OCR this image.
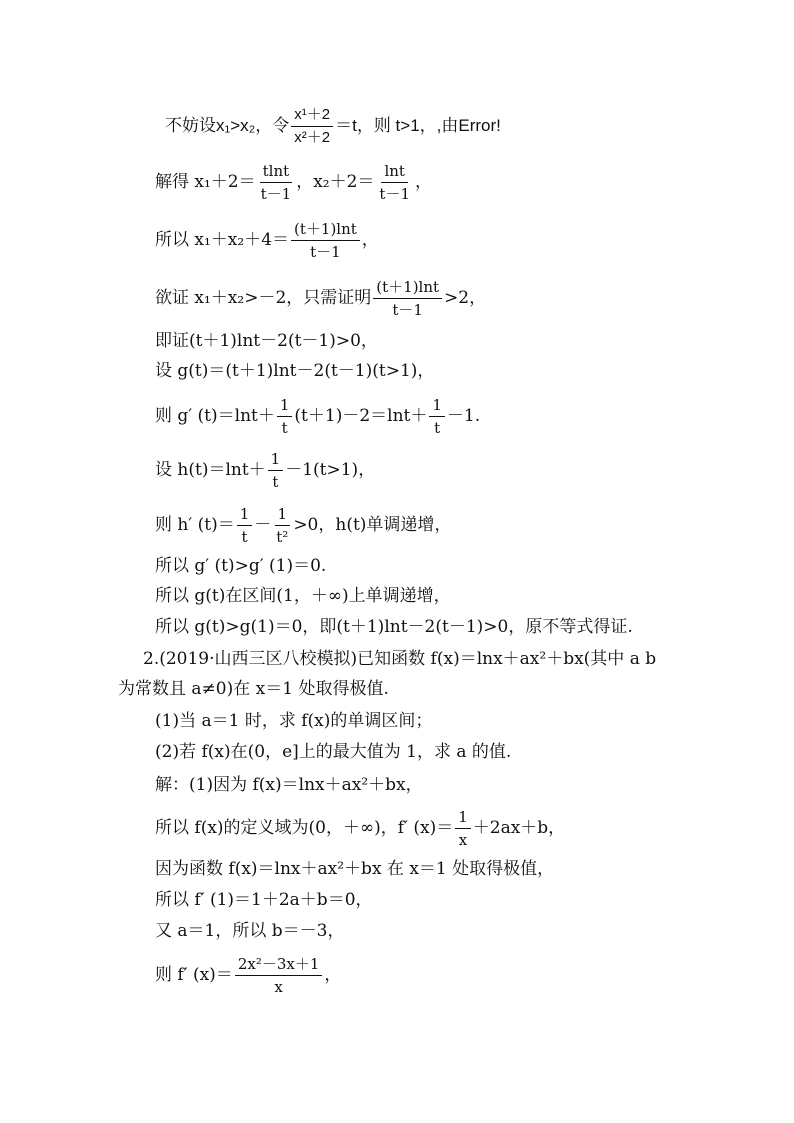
不妨设x₁>x₂，令 $\frac{\text{x¹＋2}}{\text{x²＋2}} =t$，则 t>1，,由Error!
解得 $x_1+2= \frac{tlnt}{t-1}$ ，$x_2+2= \frac{\ln t}{t-1}$ ，
所以 $x_1+x_2+4= \frac{(t+1)\ln t}{t-1}$ ，
欲证 x₁＋x₂>－2，只需证明 $\frac{(t+1)\ln t}{t-1} >2$，
即证(t＋1)lnt－2(t－1)>0，
设 g(t)＝(t＋1)lnt－2(t－1)(t>1)，
则 g′ $(t)=\ln t+ \frac{1}{t} (t+1)-2=\ln t+ \frac{1}{t} -1$.
设 $h(t)=\ln t+ \frac{1}{t} -1(t>1)$，
则 h′ $(t)= \frac{1}{t} - \frac{1}{\text{t²}} >0$，h(t)单调递增，
所以 g′ (t)>g′ (1)＝0.
所以 g(t)在区间(1，＋∞)上单调递增，
所以 g(t)>g(1)＝0，即(t＋1)lnt－2(t－1)>0，原不等式得证.
2.(2019·山西三区八校模拟)已知函数 f(x)＝lnx＋ax²＋bx(其中 a b
为常数且 a≠0)在 x＝1 处取得极值.
(1)当 a＝1 时，求 f(x)的单调区间；
(2)若 f(x)在(0，e]上的最大值为 1，求 a 的值.
解：(1)因为 f(x)＝lnx＋ax²＋bx，
所以 f(x)的定义域为(0，＋∞)，f′ $(x)= \frac{1}{x} +2ax+b$，
因为函数 f(x)＝lnx＋ax²＋bx 在 x＝1 处取得极值，
所以 f′ (1)＝1＋2a＋b＝0，
又 a＝1，所以 b＝－3，
则 f′ $(x)= \frac{\text{2x²－3x＋1}}{x}$ ，
